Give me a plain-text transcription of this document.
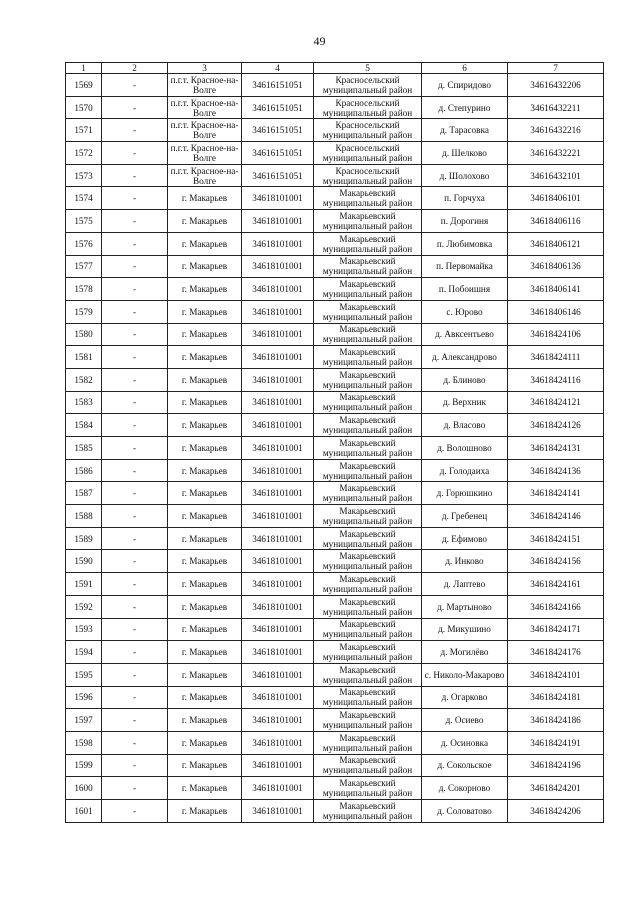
49
1	2	3	4	5	6	7
1569	-	п.г.т. Красное-на-Волге	34616151051	Красносельский муниципальный район	д. Спиридово	34616432206
1570	-	п.г.т. Красное-на-Волге	34616151051	Красносельский муниципальный район	д. Степурино	34616432211
1571	-	п.г.т. Красное-на-Волге	34616151051	Красносельский муниципальный район	д. Тарасовка	34616432216
1572	-	п.г.т. Красное-на-Волге	34616151051	Красносельский муниципальный район	д. Шелково	34616432221
1573	-	п.г.т. Красное-на-Волге	34616151051	Красносельский муниципальный район	д. Шолохово	34616432101
1574	-	г. Макарьев	34618101001	Макарьевский муниципальный район	п. Горчуха	34618406101
1575	-	г. Макарьев	34618101001	Макарьевский муниципальный район	п. Дорогиня	34618406116
1576	-	г. Макарьев	34618101001	Макарьевский муниципальный район	п. Любимовка	34618406121
1577	-	г. Макарьев	34618101001	Макарьевский муниципальный район	п. Первомайка	34618406136
1578	-	г. Макарьев	34618101001	Макарьевский муниципальный район	п. Побоишня	34618406141
1579	-	г. Макарьев	34618101001	Макарьевский муниципальный район	с. Юрово	34618406146
1580	-	г. Макарьев	34618101001	Макарьевский муниципальный район	д. Авксентьево	34618424106
1581	-	г. Макарьев	34618101001	Макарьевский муниципальный район	д. Александрово	34618424111
1582	-	г. Макарьев	34618101001	Макарьевский муниципальный район	д. Блиново	34618424116
1583	-	г. Макарьев	34618101001	Макарьевский муниципальный район	д. Верхник	34618424121
1584	-	г. Макарьев	34618101001	Макарьевский муниципальный район	д. Власово	34618424126
1585	-	г. Макарьев	34618101001	Макарьевский муниципальный район	д. Волошново	34618424131
1586	-	г. Макарьев	34618101001	Макарьевский муниципальный район	д. Голодаиха	34618424136
1587	-	г. Макарьев	34618101001	Макарьевский муниципальный район	д. Горюшкино	34618424141
1588	-	г. Макарьев	34618101001	Макарьевский муниципальный район	д. Гребенец	34618424146
1589	-	г. Макарьев	34618101001	Макарьевский муниципальный район	д. Ефимово	34618424151
1590	-	г. Макарьев	34618101001	Макарьевский муниципальный район	д. Инково	34618424156
1591	-	г. Макарьев	34618101001	Макарьевский муниципальный район	д. Лаптево	34618424161
1592	-	г. Макарьев	34618101001	Макарьевский муниципальный район	д. Мартыново	34618424166
1593	-	г. Макарьев	34618101001	Макарьевский муниципальный район	д. Микушино	34618424171
1594	-	г. Макарьев	34618101001	Макарьевский муниципальный район	д. Могилёво	34618424176
1595	-	г. Макарьев	34618101001	Макарьевский муниципальный район	с. Николо-Макарово	34618424101
1596	-	г. Макарьев	34618101001	Макарьевский муниципальный район	д. Огарково	34618424181
1597	-	г. Макарьев	34618101001	Макарьевский муниципальный район	д. Осиево	34618424186
1598	-	г. Макарьев	34618101001	Макарьевский муниципальный район	д. Осиновка	34618424191
1599	-	г. Макарьев	34618101001	Макарьевский муниципальный район	д. Сокольское	34618424196
1600	-	г. Макарьев	34618101001	Макарьевский муниципальный район	д. Сокорново	34618424201
1601	-	г. Макарьев	34618101001	Макарьевский муниципальный район	д. Соловатово	34618424206
